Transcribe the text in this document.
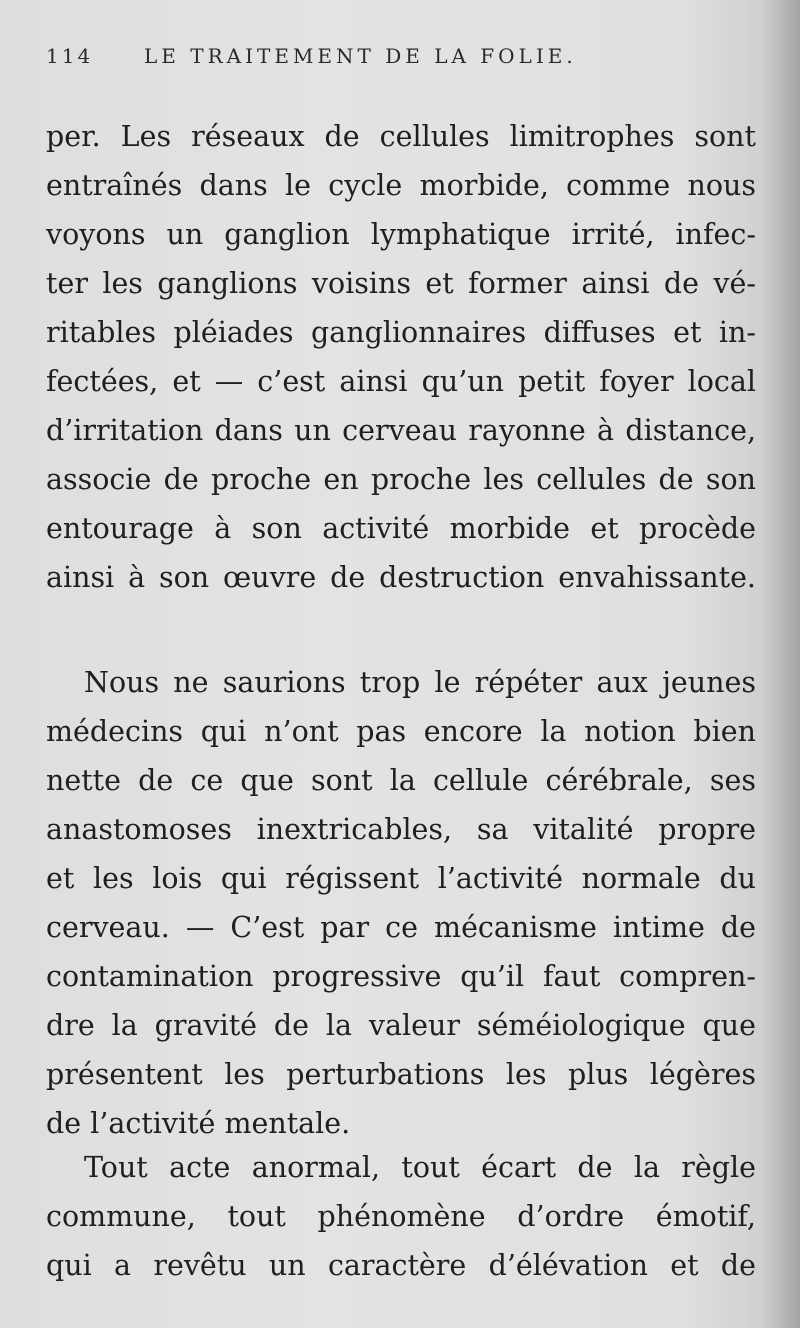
114	LE TRAITEMENT DE LA FOLIE.
per. Les réseaux de cellules limitrophes sont
entraînés dans le cycle morbide, comme nous
voyons un ganglion lymphatique irrité, infec-
ter les ganglions voisins et former ainsi de vé-
ritables pléiades ganglionnaires diffuses et in-
fectées, et — c’est ainsi qu’un petit foyer local
d’irritation dans un cerveau rayonne à distance,
associe de proche en proche les cellules de son
entourage à son activité morbide et procède
ainsi à son œuvre de destruction envahissante.
Nous ne saurions trop le répéter aux jeunes
médecins qui n’ont pas encore la notion bien
nette de ce que sont la cellule cérébrale, ses
anastomoses inextricables, sa vitalité propre
et les lois qui régissent l’activité normale du
cerveau. — C’est par ce mécanisme intime de
contamination progressive qu’il faut compren-
dre la gravité de la valeur séméiologique que
présentent les perturbations les plus légères
de l’activité mentale.
Tout acte anormal, tout écart de la règle
commune, tout phénomène d’ordre émotif,
qui a revêtu un caractère d’élévation et de
